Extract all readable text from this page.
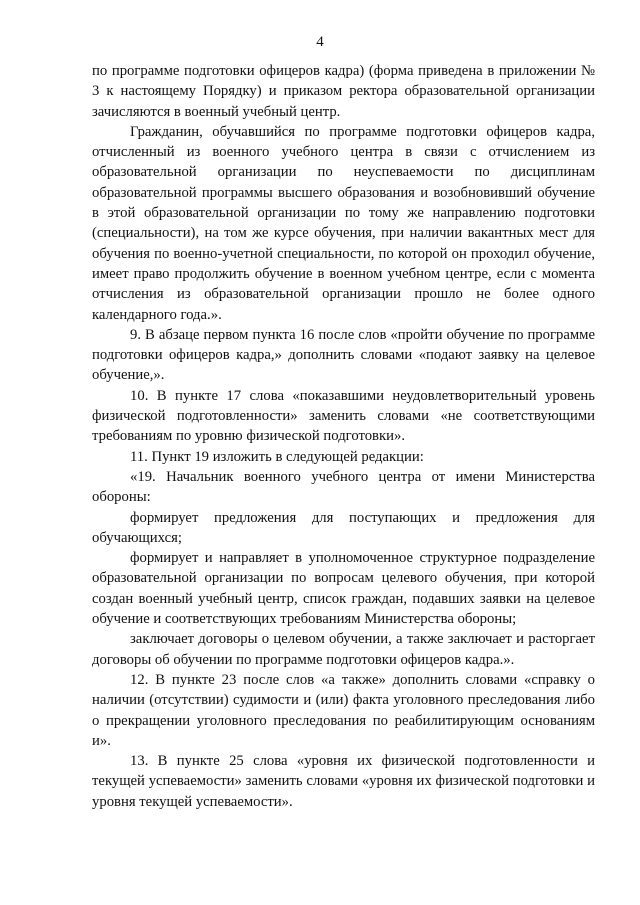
4

по программе подготовки офицеров кадра) (форма приведена в приложении № 3 к настоящему Порядку) и приказом ректора образовательной организации зачисляются в военный учебный центр.

Гражданин, обучавшийся по программе подготовки офицеров кадра, отчисленный из военного учебного центра в связи с отчислением из образовательной организации по неуспеваемости по дисциплинам образовательной программы высшего образования и возобновивший обучение в этой образовательной организации по тому же направлению подготовки (специальности), на том же курсе обучения, при наличии вакантных мест для обучения по военно-учетной специальности, по которой он проходил обучение, имеет право продолжить обучение в военном учебном центре, если с момента отчисления из образовательной организации прошло не более одного календарного года.».

9. В абзаце первом пункта 16 после слов «пройти обучение по программе подготовки офицеров кадра,» дополнить словами «подают заявку на целевое обучение,».

10. В пункте 17 слова «показавшими неудовлетворительный уровень физической подготовленности» заменить словами «не соответствующими требованиям по уровню физической подготовки».

11. Пункт 19 изложить в следующей редакции:

«19. Начальник военного учебного центра от имени Министерства обороны:

формирует предложения для поступающих и предложения для обучающихся;

формирует и направляет в уполномоченное структурное подразделение образовательной организации по вопросам целевого обучения, при которой создан военный учебный центр, список граждан, подавших заявки на целевое обучение и соответствующих требованиям Министерства обороны;

заключает договоры о целевом обучении, а также заключает и расторгает договоры об обучении по программе подготовки офицеров кадра.».

12. В пункте 23 после слов «а также» дополнить словами «справку о наличии (отсутствии) судимости и (или) факта уголовного преследования либо о прекращении уголовного преследования по реабилитирующим основаниям и».

13. В пункте 25 слова «уровня их физической подготовленности и текущей успеваемости» заменить словами «уровня их физической подготовки и уровня текущей успеваемости».
